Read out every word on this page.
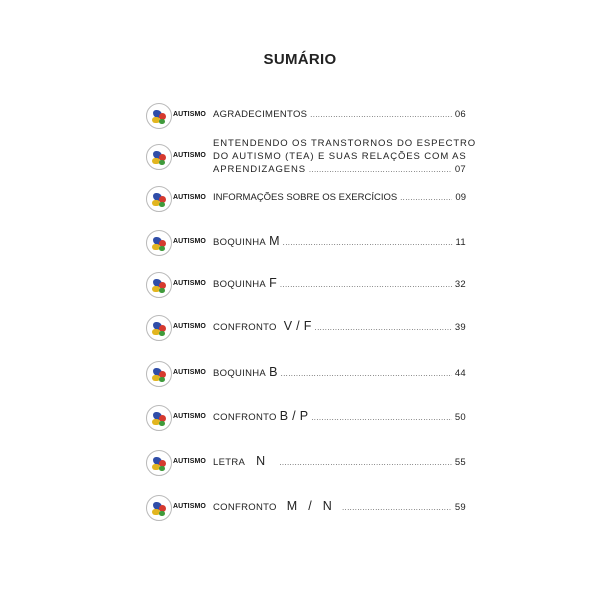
SUMÁRIO
AUTISMO AGRADECIMENTOS .....	06
AUTISMO
ENTENDENDO OS TRANSTORNOS DO ESPECTRO
DO AUTISMO (TEA) E SUAS RELAÇÕES COM AS
APRENDIZAGENS .....	07
AUTISMO INFORMAÇÕES SOBRE OS EXERCÍCIOS .....	09
AUTISMO BOQUINHA M .....	11
AUTISMO BOQUINHA F .....	32
AUTISMO CONFRONTO V / F .....	39
AUTISMO BOQUINHA B .....	44
AUTISMO CONFRONTO B / P .....	50
AUTISMO LETRA N .....	55
AUTISMO CONFRONTO M / N .....	59
